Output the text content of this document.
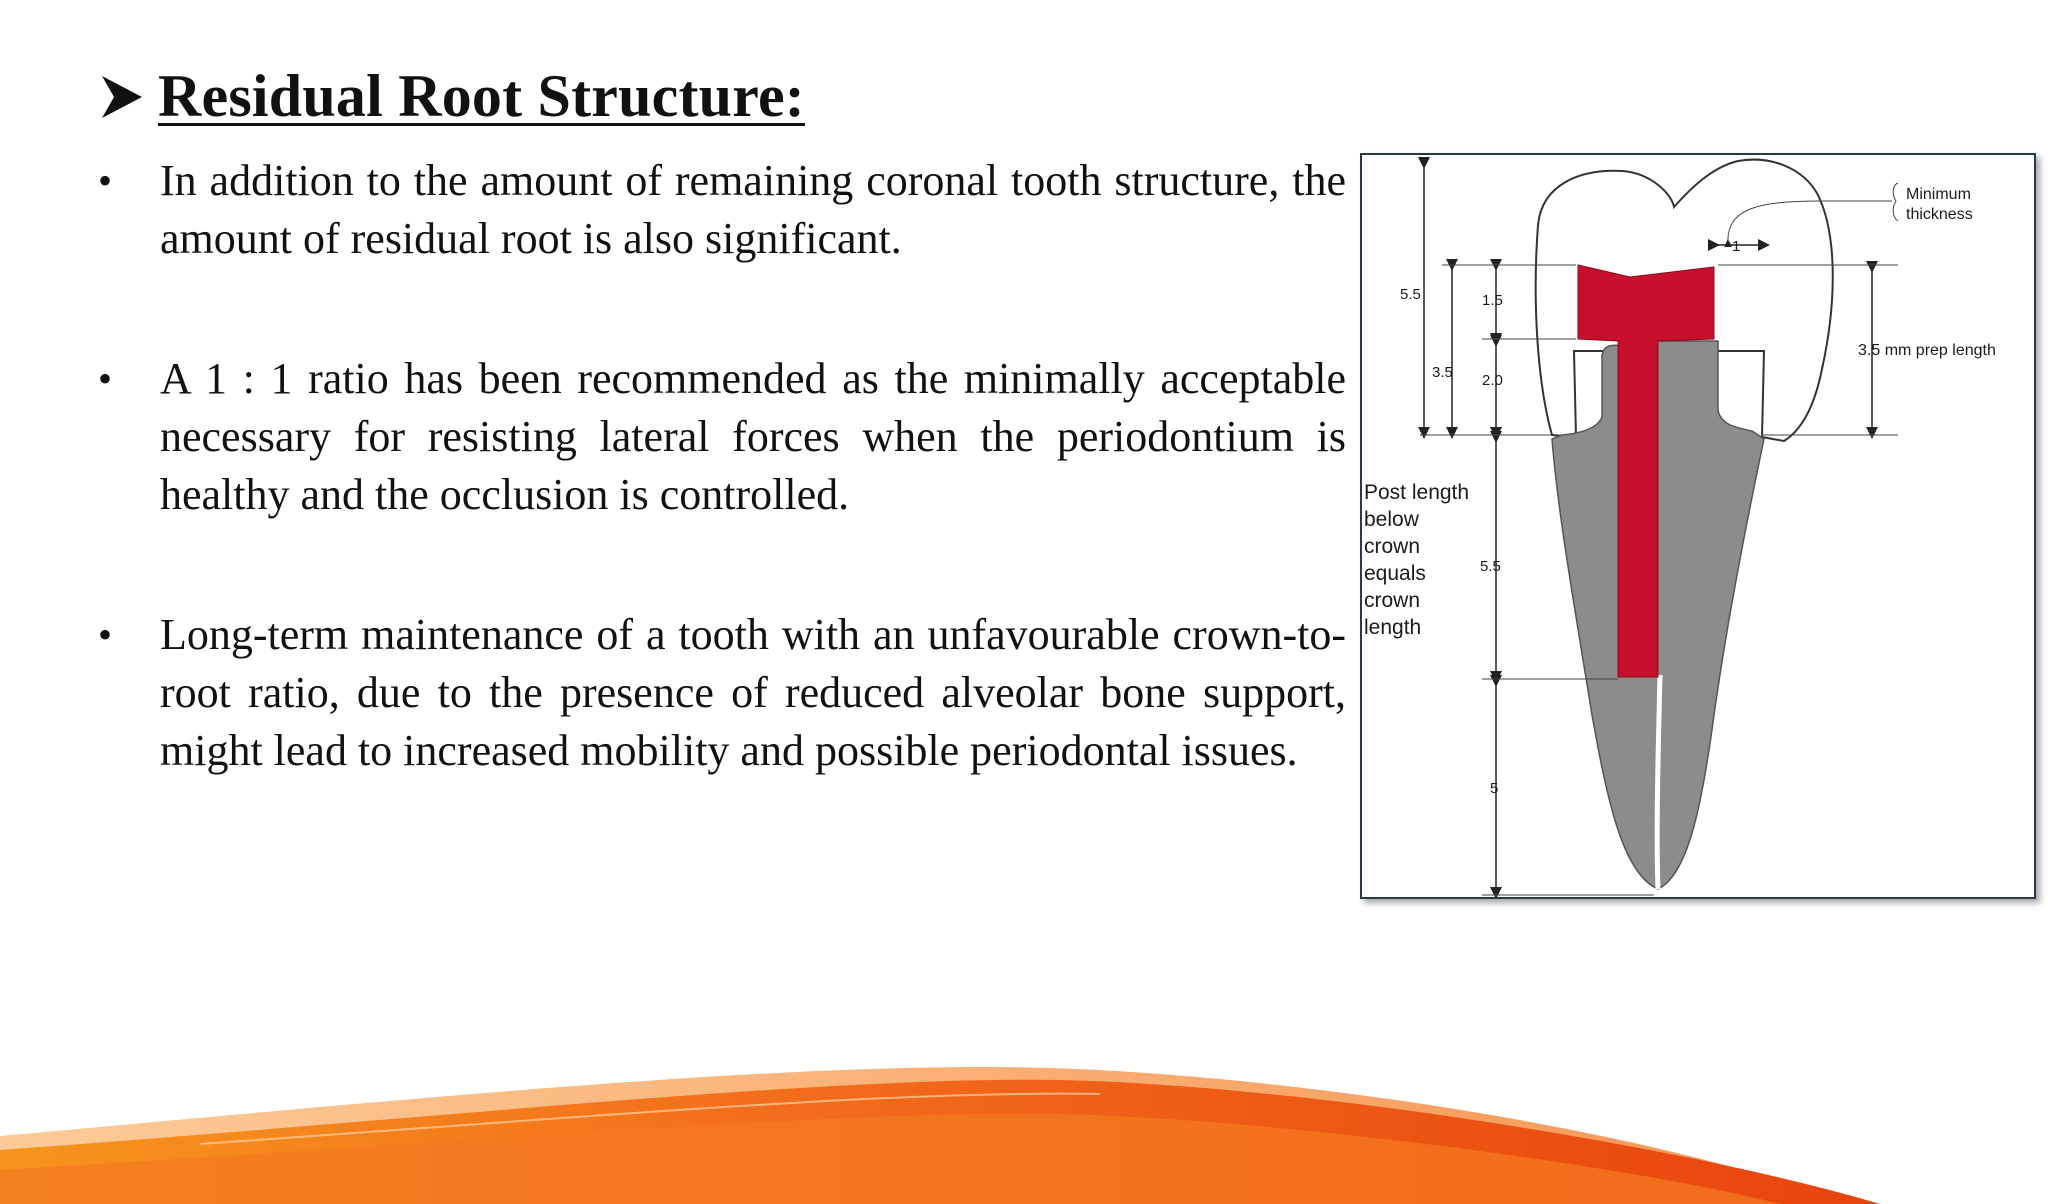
Residual Root Structure:
• In addition to the amount of remaining coronal tooth structure, the amount of residual root is also significant.
• A 1 : 1 ratio has been recommended as the minimally acceptable necessary for resisting lateral forces when the periodontium is healthy and the occlusion is controlled.
• Long-term maintenance of a tooth with an unfavourable crown-to-root ratio, due to the presence of reduced alveolar bone support, might lead to increased mobility and possible periodontal issues.
5.5	1.5
3.5 2.0
1
5.5
5
Minimum
thickness
3.5 mm prep length
Post length
below
crown
equals
crown
length
